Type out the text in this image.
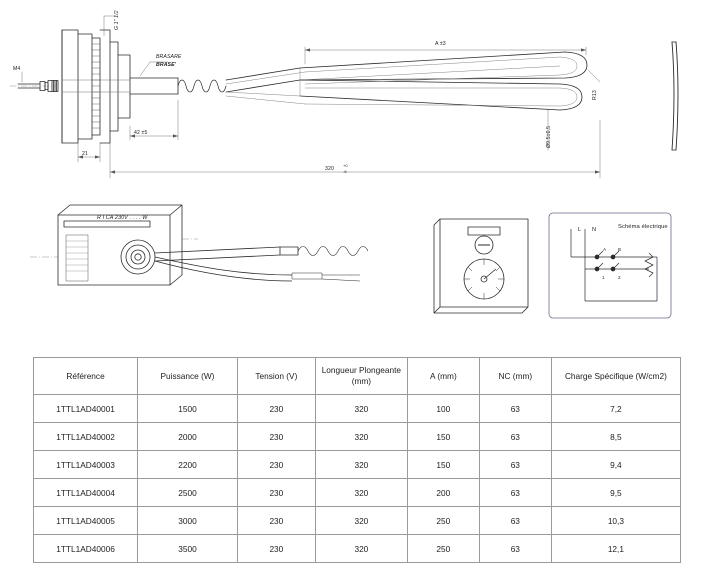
G 1" 1/2
M4
BRASARE
BRASE'
42 ±5
21
A ±3
320
+0
-6
R13
Ø9,5±0,5
R I CA 230V . . . . W
L N	Schéma électrique
A	B
1	2
Référence	Puissance (W)	Tension (V)	Longueur Plongeante (mm)	A (mm)	NC (mm)	Charge Spécifique (W/cm2)
1TTL1AD40001	1500	230	320	100	63	7,2
1TTL1AD40002	2000	230	320	150	63	8,5
1TTL1AD40003	2200	230	320	150	63	9,4
1TTL1AD40004	2500	230	320	200	63	9,5
1TTL1AD40005	3000	230	320	250	63	10,3
1TTL1AD40006	3500	230	320	250	63	12,1
